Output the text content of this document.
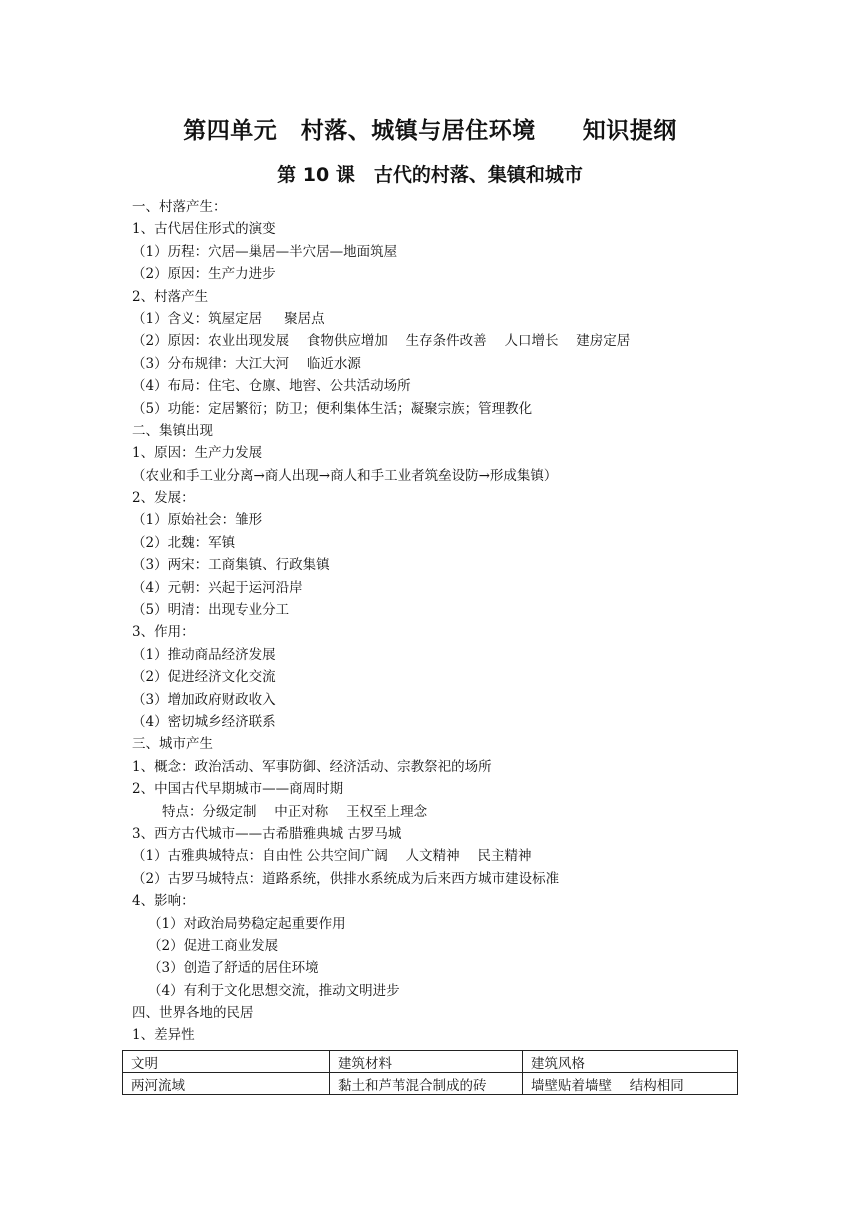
第四单元　村落、城镇与居住环境　　知识提纲
第 10 课　古代的村落、集镇和城市
一、村落产生：
1、古代居住形式的演变
（1）历程：穴居—巢居—半穴居—地面筑屋
（2）原因：生产力进步
2、村落产生
（1）含义：筑屋定居　  聚居点
（2）原因：农业出现发展　 食物供应增加　 生存条件改善　 人口增长　 建房定居
（3）分布规律：大江大河　 临近水源
（4）布局：住宅、仓廪、地窖、公共活动场所
（5）功能：定居繁衍；防卫；便利集体生活；凝聚宗族；管理教化
二、集镇出现
1、原因：生产力发展
（农业和手工业分离→商人出现→商人和手工业者筑垒设防→形成集镇）
2、发展：
（1）原始社会：雏形
（2）北魏：军镇
（3）两宋：工商集镇、行政集镇
（4）元朝：兴起于运河沿岸
（5）明清：出现专业分工
3、作用：
（1）推动商品经济发展
（2）促进经济文化交流
（3）增加政府财政收入
（4）密切城乡经济联系
三、城市产生
1、概念：政治活动、军事防御、经济活动、宗教祭祀的场所
2、中国古代早期城市——商周时期
特点：分级定制　 中正对称　 王权至上理念
3、西方古代城市——古希腊雅典城 古罗马城
（1）古雅典城特点：自由性 公共空间广阔　 人文精神　 民主精神
（2）古罗马城特点：道路系统，供排水系统成为后来西方城市建设标准
4、影响：
（1）对政治局势稳定起重要作用
（2）促进工商业发展
（3）创造了舒适的居住环境
（4）有利于文化思想交流，推动文明进步
四、世界各地的民居
1、差异性
文明	建筑材料	建筑风格
两河流域	黏土和芦苇混合制成的砖	墙壁贴着墙壁　 结构相同
